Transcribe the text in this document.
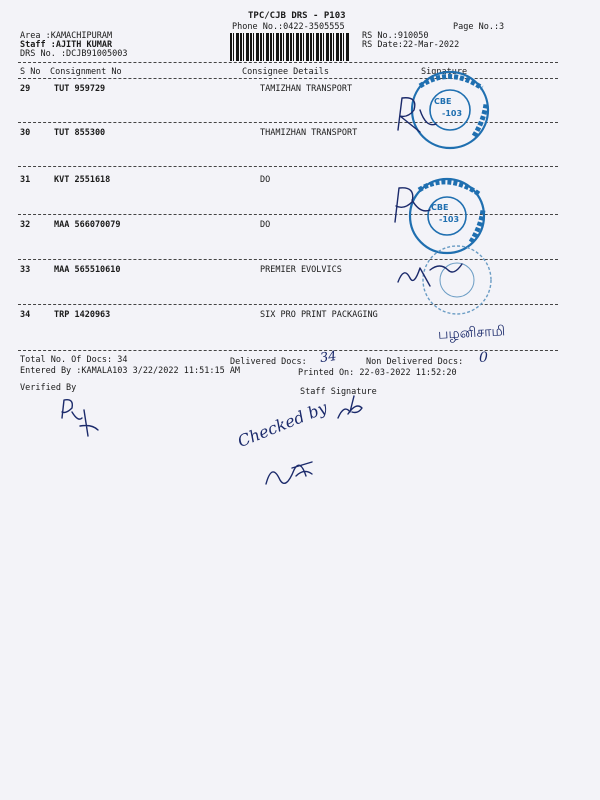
TPC/CJB DRS - P103
Phone No.:0422-3505555	Page No.:3
Area :KAMACHIPURAM
Staff :AJITH KUMAR
DRS No. :DCJB91005003
RS No.:910050
RS Date:22-Mar-2022
S No Consignment No	Consignee Details	Signature
29	TUT 959729	TAMIZHAN TRANSPORT
30	TUT 855300	THAMIZHAN TRANSPORT
31	KVT 2551618	DO
32	MAA 566070079	DO
33	MAA 565510610	PREMIER EVOLVICS
34	TRP 1420963	SIX PRO PRINT PACKAGING
Total No. Of Docs: 34	Delivered Docs:	Non Delivered Docs:
Entered By :KAMALA103 3/22/2022 11:51:15 AM	Printed On: 22-03-2022 11:52:20
Verified By	Staff Signature
34	0
பழனிசாமி
Checked by
CBE
-103
CBE
-103
